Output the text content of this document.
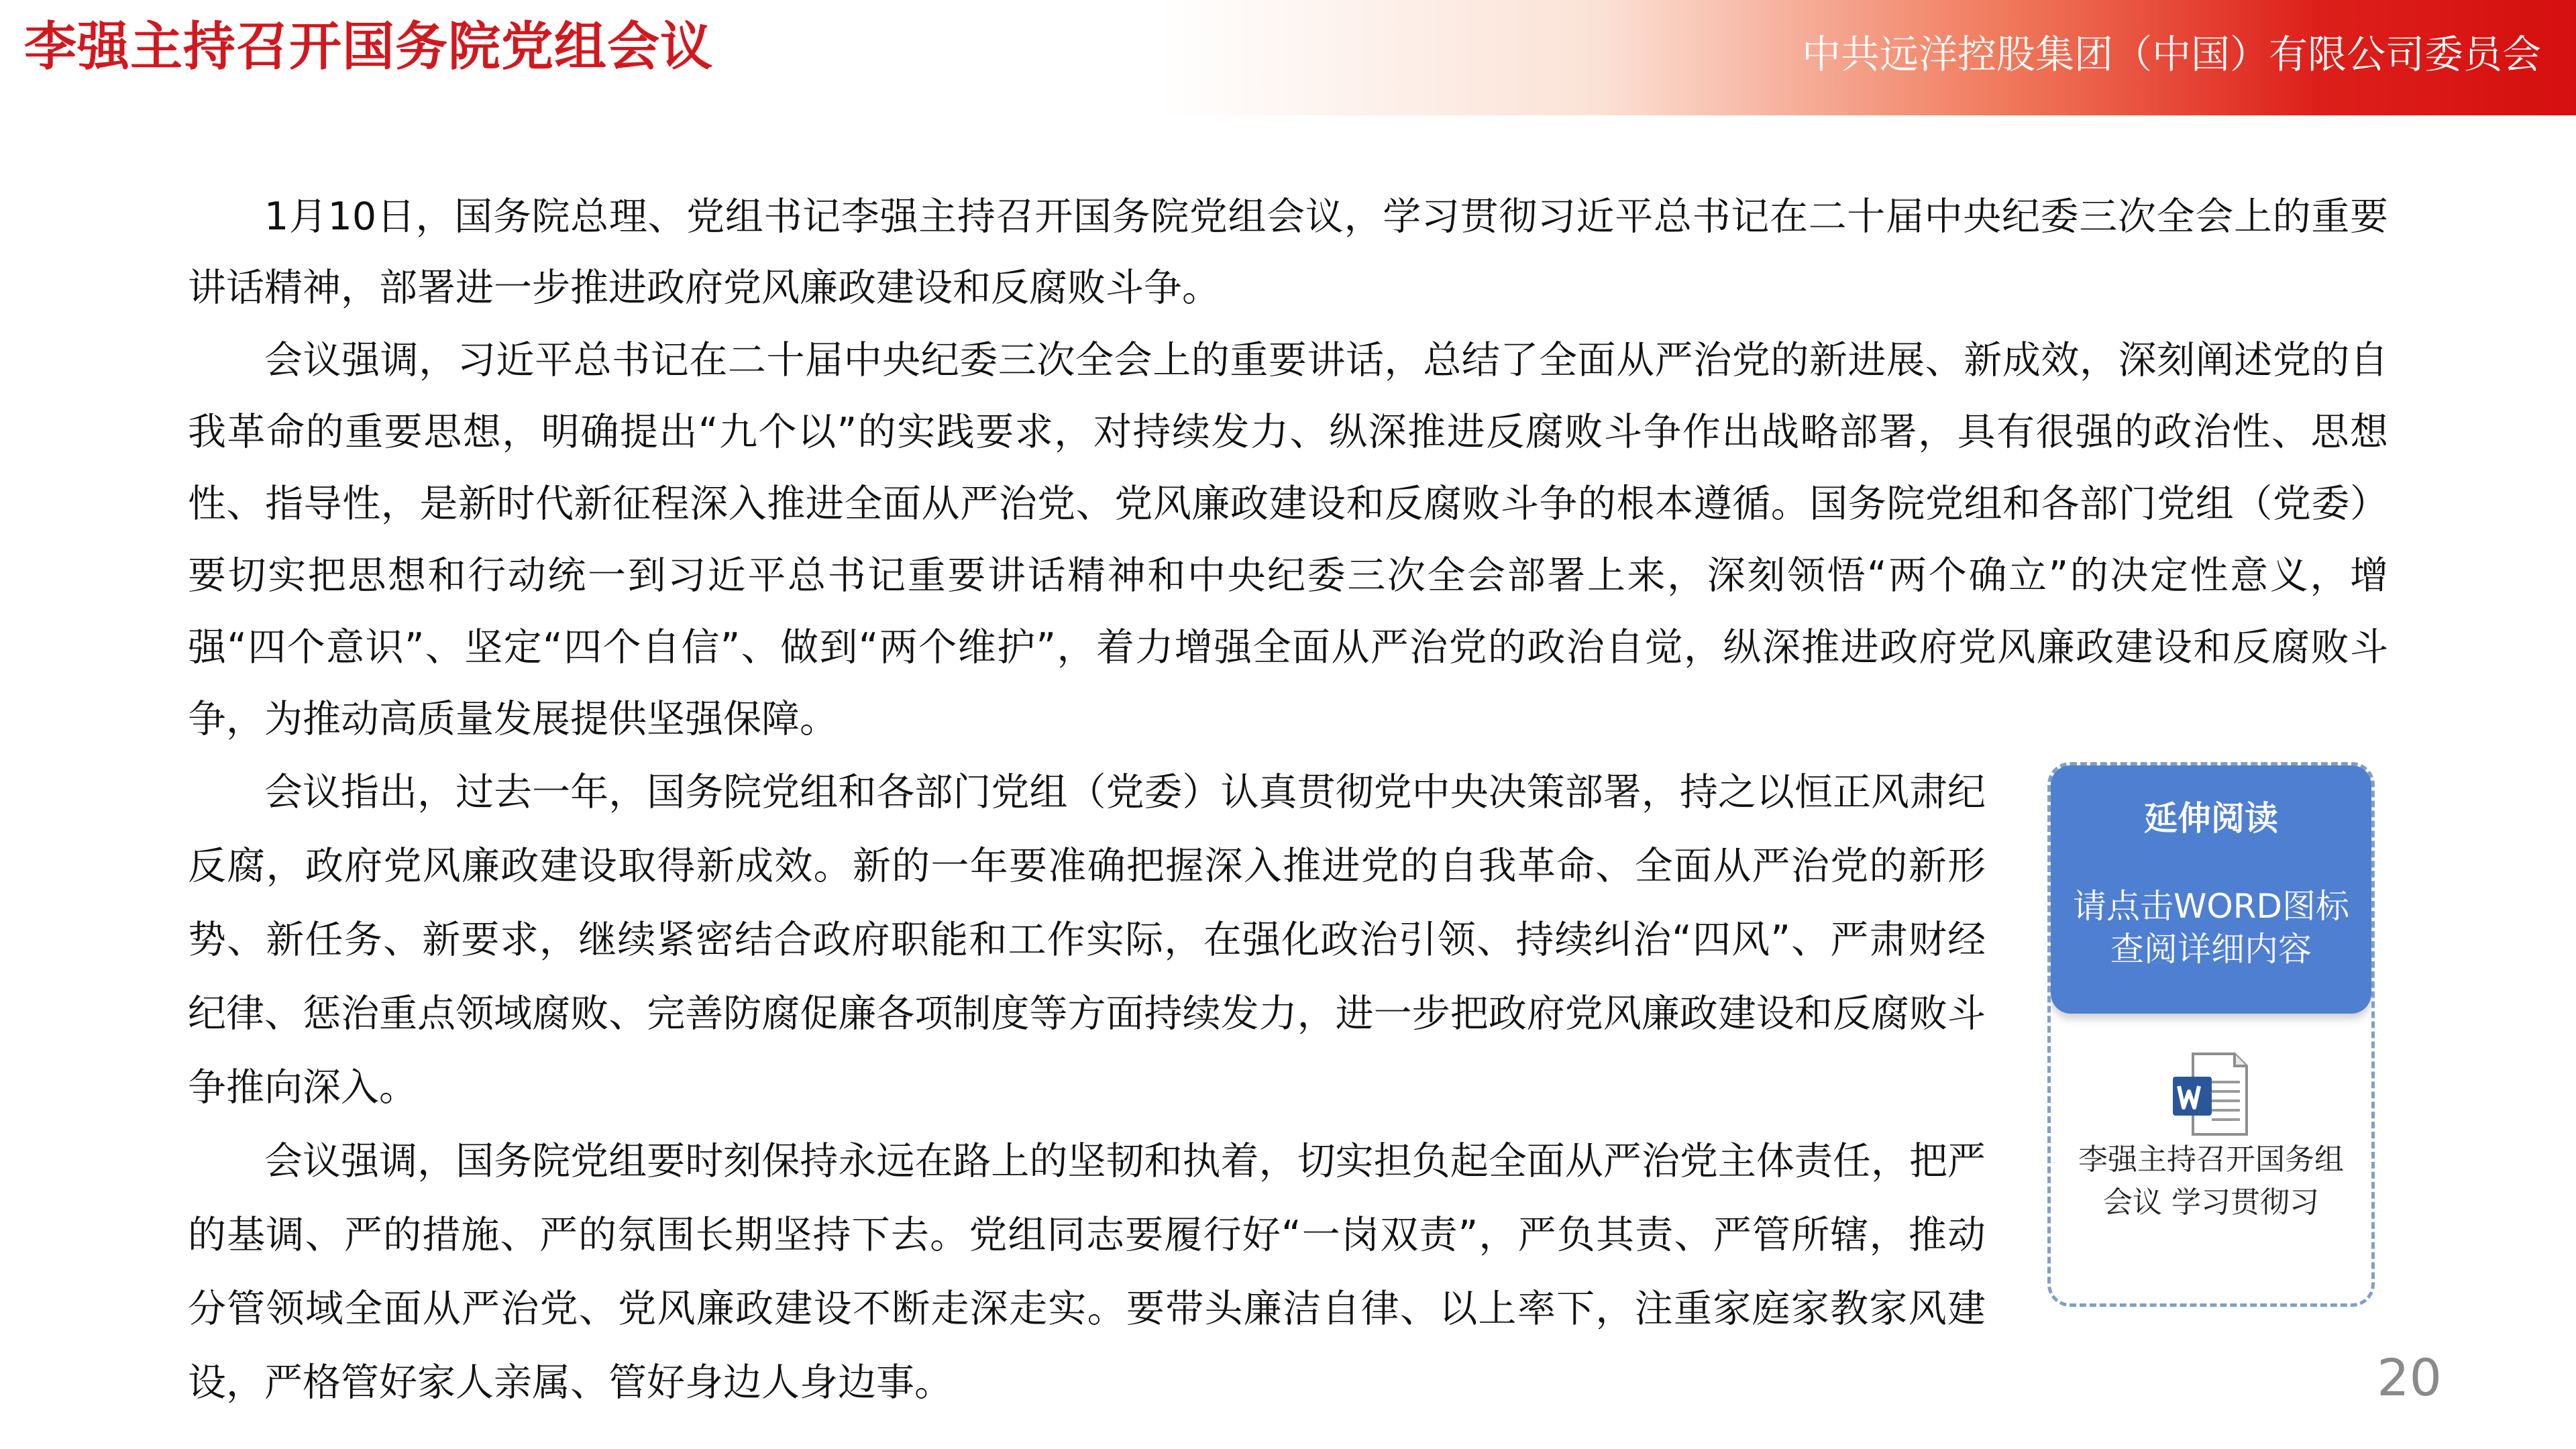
李强主持召开国务院党组会议	中共远洋控股集团（中国）有限公司委员会

1月10日，国务院总理、党组书记李强主持召开国务院党组会议，学习贯彻习近平总书记在二十届中央纪委三次全会上的重要讲话精神，部署进一步推进政府党风廉政建设和反腐败斗争。

会议强调，习近平总书记在二十届中央纪委三次全会上的重要讲话，总结了全面从严治党的新进展、新成效，深刻阐述党的自我革命的重要思想，明确提出“九个以”的实践要求，对持续发力、纵深推进反腐败斗争作出战略部署，具有很强的政治性、思想性、指导性，是新时代新征程深入推进全面从严治党、党风廉政建设和反腐败斗争的根本遵循。国务院党组和各部门党组（党委）要切实把思想和行动统一到习近平总书记重要讲话精神和中央纪委三次全会部署上来，深刻领悟“两个确立”的决定性意义，增强“四个意识”、坚定“四个自信”、做到“两个维护”，着力增强全面从严治党的政治自觉，纵深推进政府党风廉政建设和反腐败斗争，为推动高质量发展提供坚强保障。

会议指出，过去一年，国务院党组和各部门党组（党委）认真贯彻党中央决策部署，持之以恒正风肃纪反腐，政府党风廉政建设取得新成效。新的一年要准确把握深入推进党的自我革命、全面从严治党的新形势、新任务、新要求，继续紧密结合政府职能和工作实际，在强化政治引领、持续纠治“四风”、严肃财经纪律、惩治重点领域腐败、完善防腐促廉各项制度等方面持续发力，进一步把政府党风廉政建设和反腐败斗争推向深入。

会议强调，国务院党组要时刻保持永远在路上的坚韧和执着，切实担负起全面从严治党主体责任，把严的基调、严的措施、严的氛围长期坚持下去。党组同志要履行好“一岗双责”，严负其责、严管所辖，推动分管领域全面从严治党、党风廉政建设不断走深走实。要带头廉洁自律、以上率下，注重家庭家教家风建设，严格管好家人亲属、管好身边人身边事。

延伸阅读
请点击WORD图标查阅详细内容
李强主持召开国务组会议 学习贯彻习
20
